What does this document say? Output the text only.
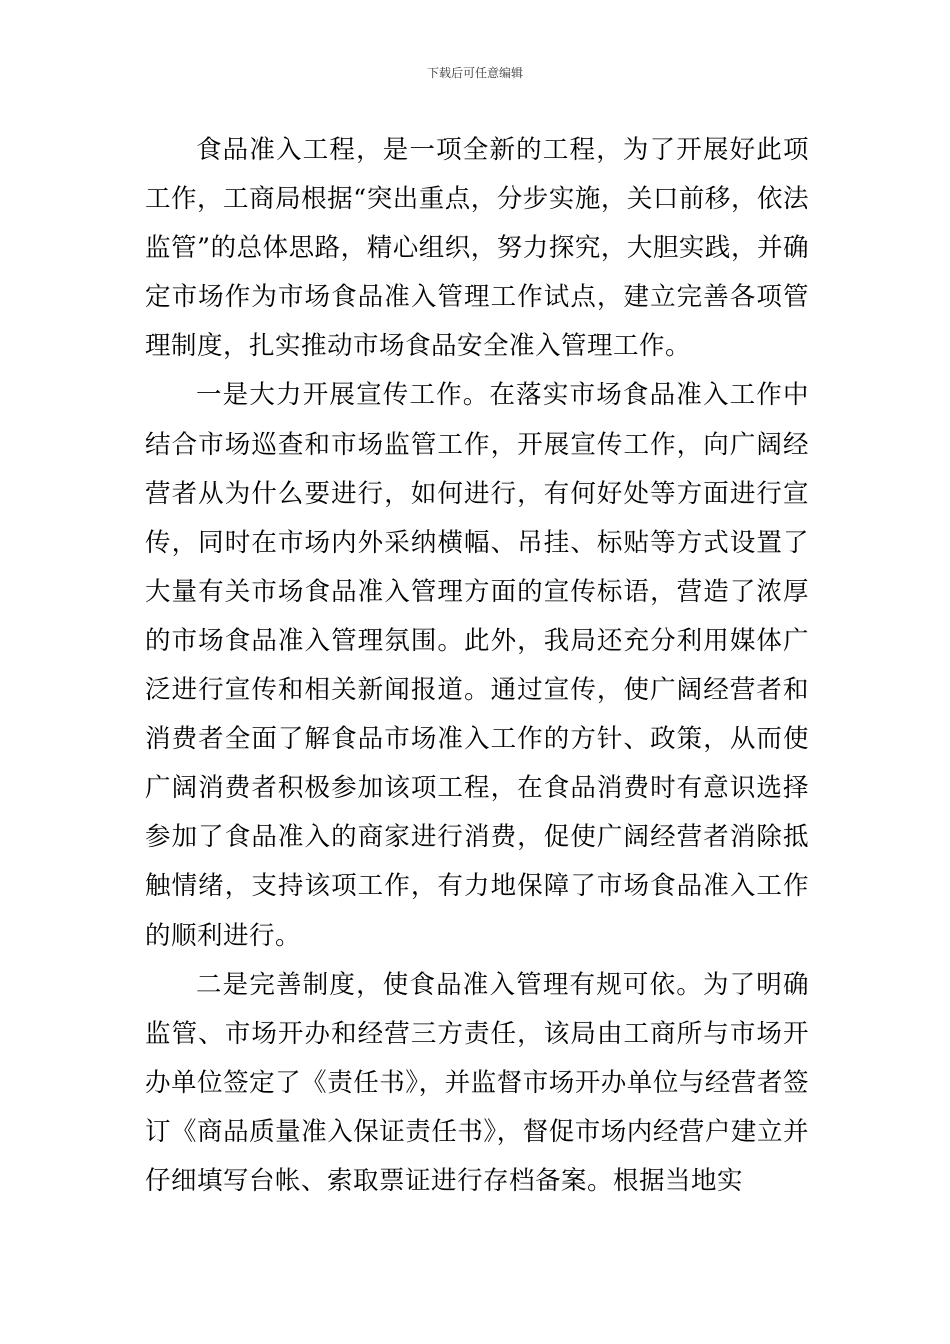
下载后可任意编辑

食品准入工程，是一项全新的工程，为了开展好此项工作，工商局根据“突出重点，分步实施，关口前移，依法监管”的总体思路，精心组织，努力探究，大胆实践，并确定市场作为市场食品准入管理工作试点，建立完善各项管理制度，扎实推动市场食品安全准入管理工作。

一是大力开展宣传工作。在落实市场食品准入工作中结合市场巡查和市场监管工作，开展宣传工作，向广阔经营者从为什么要进行，如何进行，有何好处等方面进行宣传，同时在市场内外采纳横幅、吊挂、标贴等方式设置了大量有关市场食品准入管理方面的宣传标语，营造了浓厚的市场食品准入管理氛围。此外，我局还充分利用媒体广泛进行宣传和相关新闻报道。通过宣传，使广阔经营者和消费者全面了解食品市场准入工作的方针、政策，从而使广阔消费者积极参加该项工程，在食品消费时有意识选择参加了食品准入的商家进行消费，促使广阔经营者消除抵触情绪，支持该项工作，有力地保障了市场食品准入工作的顺利进行。

二是完善制度，使食品准入管理有规可依。为了明确监管、市场开办和经营三方责任，该局由工商所与市场开办单位签定了《责任书》，并监督市场开办单位与经营者签订《商品质量准入保证责任书》，督促市场内经营户建立并仔细填写台帐、索取票证进行存档备案。根据当地实
